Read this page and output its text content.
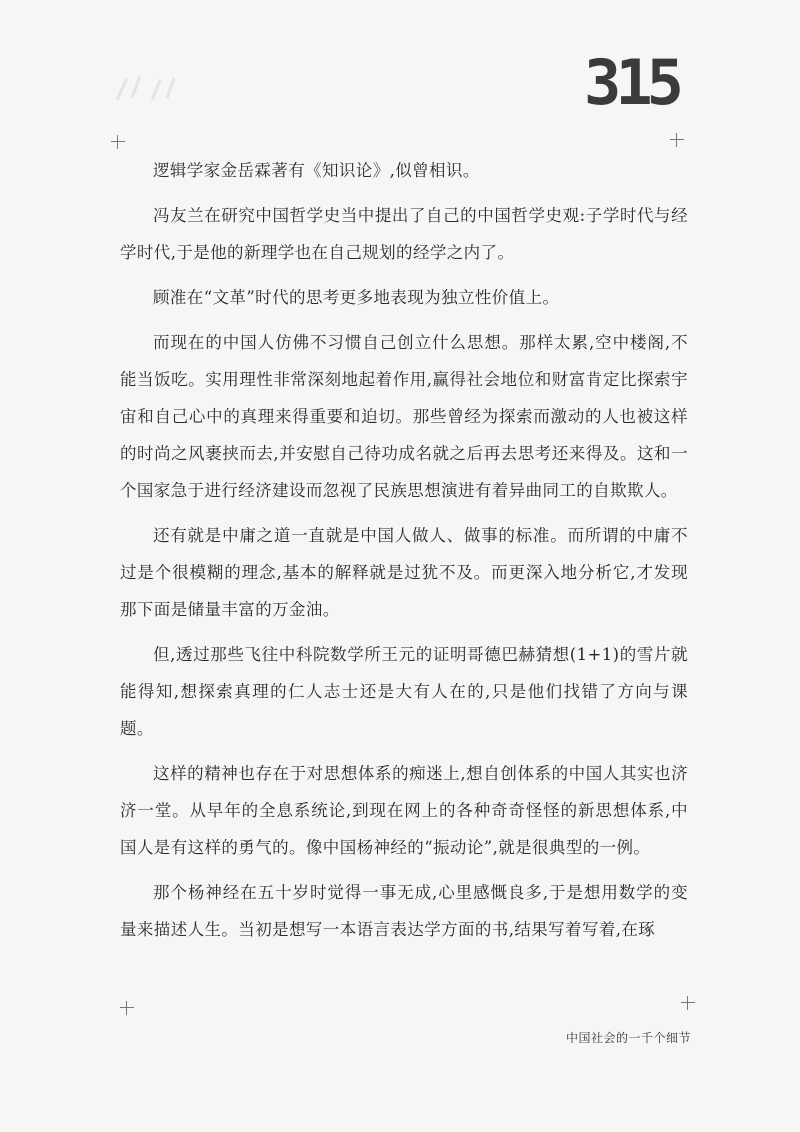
315

逻辑学家金岳霖著有《知识论》,似曾相识。

冯友兰在研究中国哲学史当中提出了自己的中国哲学史观:子学时代与经学时代,于是他的新理学也在自己规划的经学之内了。

顾准在“文革”时代的思考更多地表现为独立性价值上。

而现在的中国人仿佛不习惯自己创立什么思想。那样太累,空中楼阁,不能当饭吃。实用理性非常深刻地起着作用,赢得社会地位和财富肯定比探索宇宙和自己心中的真理来得重要和迫切。那些曾经为探索而激动的人也被这样的时尚之风裹挟而去,并安慰自己待功成名就之后再去思考还来得及。这和一个国家急于进行经济建设而忽视了民族思想演进有着异曲同工的自欺欺人。

还有就是中庸之道一直就是中国人做人、做事的标准。而所谓的中庸不过是个很模糊的理念,基本的解释就是过犹不及。而更深入地分析它,才发现那下面是储量丰富的万金油。

但,透过那些飞往中科院数学所王元的证明哥德巴赫猜想(1+1)的雪片就能得知,想探索真理的仁人志士还是大有人在的,只是他们找错了方向与课题。

这样的精神也存在于对思想体系的痴迷上,想自创体系的中国人其实也济济一堂。从早年的全息系统论,到现在网上的各种奇奇怪怪的新思想体系,中国人是有这样的勇气的。像中国杨神经的“振动论”,就是很典型的一例。

那个杨神经在五十岁时觉得一事无成,心里感慨良多,于是想用数学的变量来描述人生。当初是想写一本语言表达学方面的书,结果写着写着,在琢

中国社会的一千个细节
